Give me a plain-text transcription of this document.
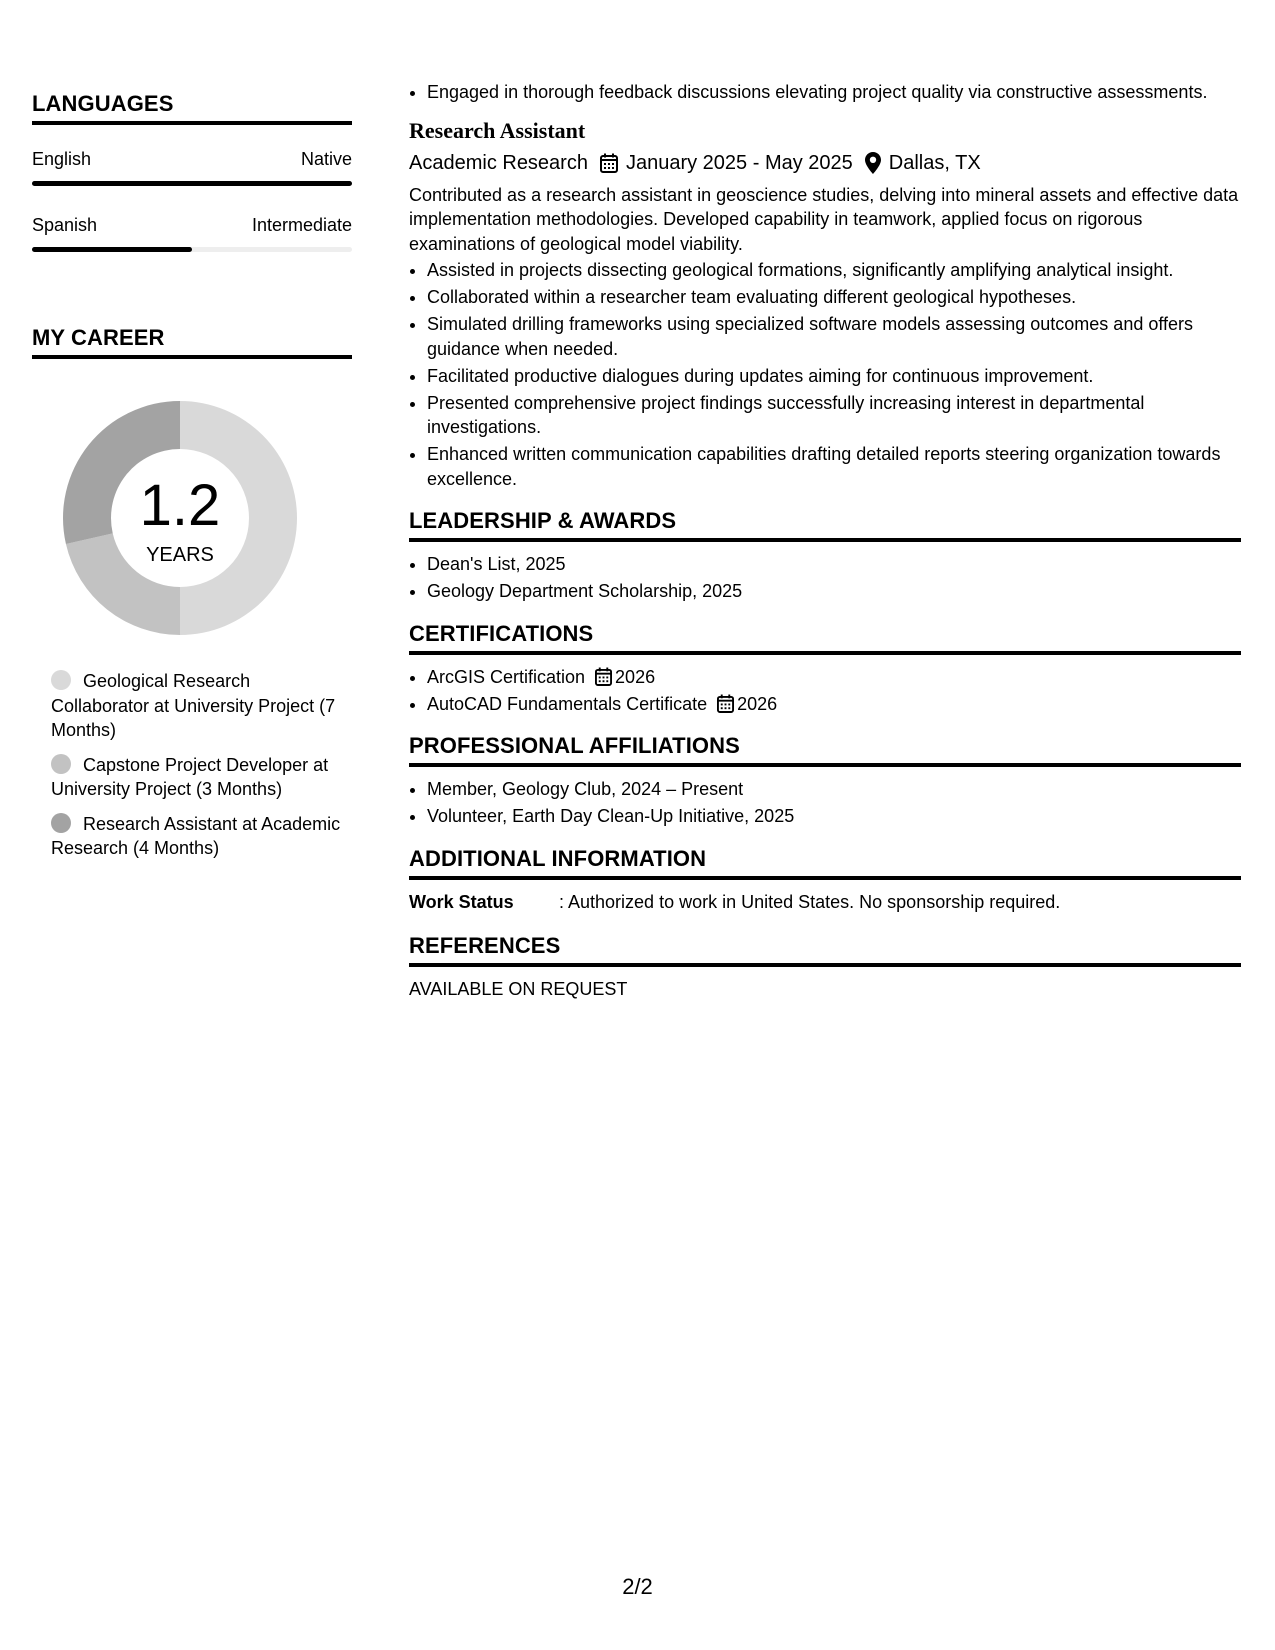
LANGUAGES
English	Native
Spanish	Intermediate
MY CAREER
1.2
YEARS
Geological Research Collaborator at University Project (7 Months)
Capstone Project Developer at University Project (3 Months)
Research Assistant at Academic Research (4 Months)
• Engaged in thorough feedback discussions elevating project quality via constructive assessments.
Research Assistant
Academic Research January 2025 - May 2025 Dallas, TX
Contributed as a research assistant in geoscience studies, delving into mineral assets and effective data implementation methodologies. Developed capability in teamwork, applied focus on rigorous examinations of geological model viability.
• Assisted in projects dissecting geological formations, significantly amplifying analytical insight.
• Collaborated within a researcher team evaluating different geological hypotheses.
• Simulated drilling frameworks using specialized software models assessing outcomes and offers guidance when needed.
• Facilitated productive dialogues during updates aiming for continuous improvement.
• Presented comprehensive project findings successfully increasing interest in departmental investigations.
• Enhanced written communication capabilities drafting detailed reports steering organization towards excellence.
LEADERSHIP & AWARDS
• Dean's List, 2025
• Geology Department Scholarship, 2025
CERTIFICATIONS
• ArcGIS Certification 2026
• AutoCAD Fundamentals Certificate 2026
PROFESSIONAL AFFILIATIONS
• Member, Geology Club, 2024 – Present
• Volunteer, Earth Day Clean-Up Initiative, 2025
ADDITIONAL INFORMATION
Work Status	: Authorized to work in United States. No sponsorship required.
REFERENCES
AVAILABLE ON REQUEST
2/2
